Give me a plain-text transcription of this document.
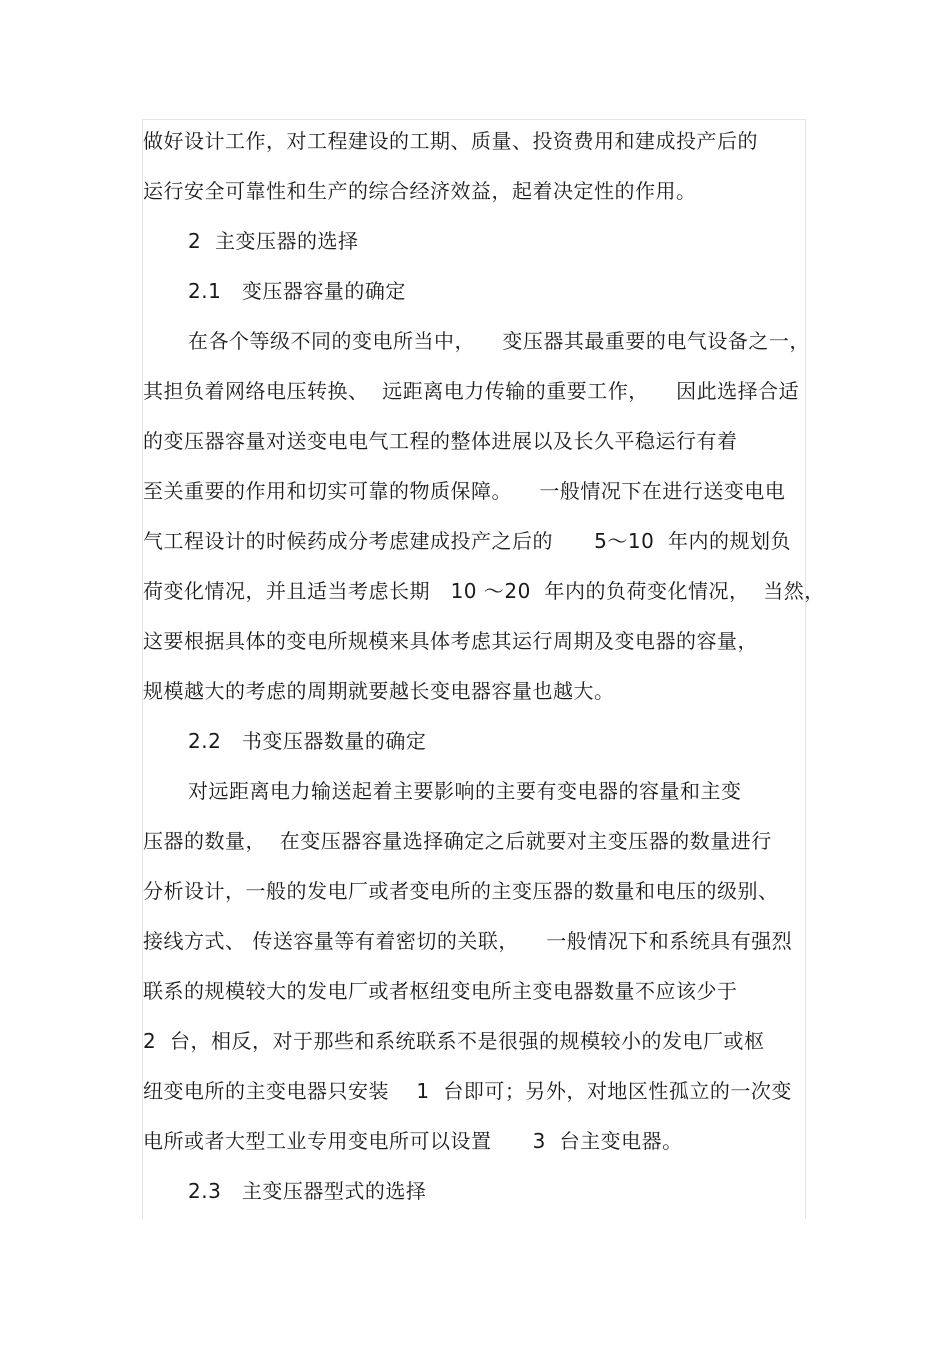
做好设计工作，对工程建设的工期、质量、投资费用和建成投产后的
运行安全可靠性和生产的综合经济效益，起着决定性的作用。
2  主变压器的选择
2.1   变压器容量的确定
在各个等级不同的变电所当中，    变压器其最重要的电气设备之一，
其担负着网络电压转换、  远距离电力传输的重要工作，    因此选择合适
的变压器容量对送变电电气工程的整体进展以及长久平稳运行有着
至关重要的作用和切实可靠的物质保障。    一般情况下在进行送变电电
气工程设计的时候药成分考虑建成投产之后的      5～10  年内的规划负
荷变化情况，并且适当考虑长期   10 ～20  年内的负荷变化情况，  当然，
这要根据具体的变电所规模来具体考虑其运行周期及变电器的容量，
规模越大的考虑的周期就要越长变电器容量也越大。
2.2   书变压器数量的确定
对远距离电力输送起着主要影响的主要有变电器的容量和主变
压器的数量，  在变压器容量选择确定之后就要对主变压器的数量进行
分析设计，一般的发电厂或者变电所的主变压器的数量和电压的级别、
接线方式、 传送容量等有着密切的关联，    一般情况下和系统具有强烈
联系的规模较大的发电厂或者枢纽变电所主变电器数量不应该少于
2  台，相反，对于那些和系统联系不是很强的规模较小的发电厂或枢
纽变电所的主变电器只安装    1  台即可；另外，对地区性孤立的一次变
电所或者大型工业专用变电所可以设置      3  台主变电器。
2.3   主变压器型式的选择
